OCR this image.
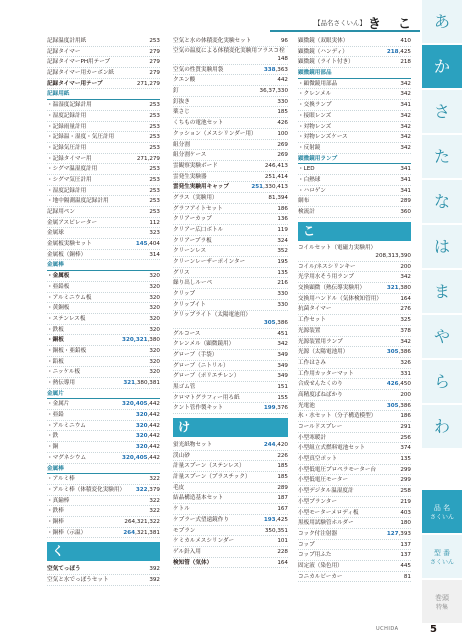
【品名さくいん】 き こ
記録温度計用紙	253
記録タイマー	279
記録タイマーPH用テープ	279
記録タイマー用カーボン紙	279
記録タイマー用テープ	271,279
記録用紙
・温湿度記録計用	253
・湿度記録計用	253
・記録雨量計用	253
・記録温・湿度・気圧計用	253
・記録気圧計用	253
・記録タイマー用	271,279
・シグマ温湿度計用	253
・シグマ気圧計用	253
・湿度記録計用	253
・地中隔測温度記録計用	253
記録用ペン	253
金属アスピレーター	112
金属球	323
金属板実験セット	145,404
金属板（銅棒）	314
金属棒
・金属板	320
・亜鉛板	320
・アルミニウム板	320
・黄銅板	320
・ステンレス板	320
・鉄板	320
・銅板	320,321,380
・銅板・亜鉛板	320
・鉛板	320
・ニッケル板	320
・熱伝導用	321,380,381
金属片
・金属片	320,405,442
・亜鉛	320,442
・アルミニウム	320,442
・鉄	320,442
・銅	320,442
・マグネシウム	320,405,442
金属棒
・アルミ棒	322
・アルミ棒（体積変化実験用） 322,379
・真鍮棒	322
・鉄棒	322
・銅棒	264,321,322
・銅棒（示温）	264,321,381
く
空気てっぽう	392
空気と水でっぽうセット	392
空気と水の体積変化実験セット	96
空気の温度による体積変化実験用フラスコ栓
148
空気の性質実験用袋	338,363
クエン酸	442
釘	36,37,330
釘抜き	330
薬さじ	185
くちもの電池セット	426
クッション（メスシリンダー用）	100
組分割	269
組分割ケース	269
雲観察実験ボード	246,413
雲発生実験器	251,414
雲発生実験用キャップ	251,330,413
グラス（実験用）	81,394
グラフアイトセット	186
クリアーカップ	136
クリアー広口ボトル	119
クリアープラ板	324
クリーンレス	352
クリーンレーザーポインター	195
グリス	135
繰り出しルーペ	216
クリップ	330
クリップイト	330
クリップライト（太陽電池用）
305,386
グルコース	451
クレンメル（顕微鏡用）	342
グローブ（手袋）	349
グローブ（ニトリル）	349
グローブ（ポリエチレン）	349
黒ゴム管	151
クロマトグラフィー用ろ紙	155
クント管作製キット	199,376
け
蛍光紙物セット	244,420
渓山砂	226
計量スプーン（ステンレス）	185
計量スプーン（プラスチック）	185
毛皮	289
結晶構造基本セット	187
ケトル	167
ケプラー式望遠鏡作り	193,425
モプラン	350,351
ケミカルメスシリンダー	101
ゲル針入用	228
検知管（気体）	164
顕微鏡（双眼実体）	410
顕微鏡（ハンディ）	218,425
顕微鏡（ライト付き）	218
顕微鏡用部品
・顕微鏡用部品	342
・クレンメル	342
・交換ランプ	341
・接眼レンズ	342
・対物レンズ	342
・対物レンズケース	342
・反射鏡	342
顕微鏡用ランプ
・LED	341
・白熱球	341
・ハロゲン	341
網布	289
検流計	360
こ
コイルセット（電磁力実験用）
208,313,390
コイル/ネスシリンキー	200
光学用水そう用ランプ	342
交換顕微（熱伝導実験用）	321,380
交換用ハンドル（気体検知管用）	164
抗菌タイマー	276
工作セット	325
光源装置	378
光源装置用ランプ	342
光源（太陽電池用）	305,386
工作はさみ	326
工作用カッターマット	331
合成せんたくのり	426,450
高精度ばねばかり	200
光電池	305,386
氷・水セット（分子構造模型）	186
コールドスプレー	291
小型寒暖計	256
小型組立式燃料電池セット	374
小型真空ポット	135
小型低電圧プロペラモーター台	299
小型低電圧モーター	299
小型デジタル温湿度計	258
小型プランター	219
小型モーターメロディ板	403
黒板用試験管ホルダー	180
コック付注射器	127,393
コップ	137
コップ用ふた	137
固定液（染色用）	445
コニカルビーカー	81
あ
か
さ
た
な
は
ま
や
ら
わ
品 名
さくいん
型 番
さくいん
巻頭
特集
UCHIDA	5
